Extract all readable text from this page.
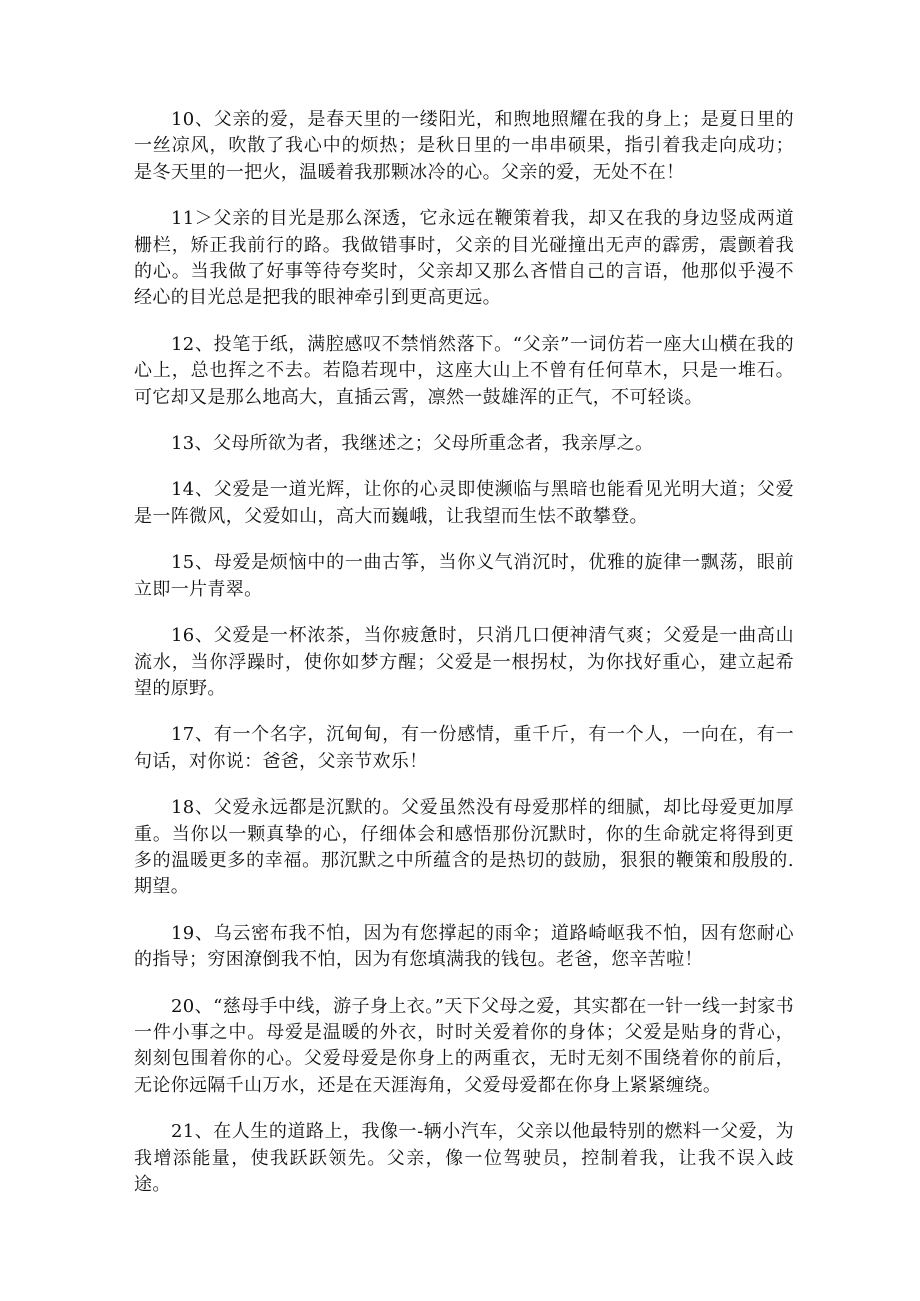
10、父亲的爱，是春天里的一缕阳光，和煦地照耀在我的身上；是夏日里的一丝凉风，吹散了我心中的烦热；是秋日里的一串串硕果，指引着我走向成功；是冬天里的一把火，温暖着我那颗冰冷的心。父亲的爱，无处不在！

11＞父亲的目光是那么深透，它永远在鞭策着我，却又在我的身边竖成两道栅栏，矫正我前行的路。我做错事时，父亲的目光碰撞出无声的霹雳，震颤着我的心。当我做了好事等待夸奖时，父亲却又那么吝惜自己的言语，他那似乎漫不经心的目光总是把我的眼神牵引到更高更远。

12、投笔于纸，满腔感叹不禁悄然落下。“父亲”一词仿若一座大山横在我的心上，总也挥之不去。若隐若现中，这座大山上不曾有任何草木，只是一堆石。可它却又是那么地高大，直插云霄，凛然一鼓雄浑的正气，不可轻谈。

13、父母所欲为者，我继述之；父母所重念者，我亲厚之。

14、父爱是一道光辉，让你的心灵即使濒临与黑暗也能看见光明大道；父爱是一阵微风，父爱如山，高大而巍峨，让我望而生怯不敢攀登。

15、母爱是烦恼中的一曲古筝，当你义气消沉时，优雅的旋律一飘荡，眼前立即一片青翠。

16、父爱是一杯浓茶，当你疲惫时，只消几口便神清气爽；父爱是一曲高山流水，当你浮躁时，使你如梦方醒；父爱是一根拐杖，为你找好重心，建立起希望的原野。

17、有一个名字，沉甸甸，有一份感情，重千斤，有一个人，一向在，有一句话，对你说：爸爸，父亲节欢乐！

18、父爱永远都是沉默的。父爱虽然没有母爱那样的细腻，却比母爱更加厚重。当你以一颗真挚的心，仔细体会和感悟那份沉默时，你的生命就定将得到更多的温暖更多的幸福。那沉默之中所蕴含的是热切的鼓励，狠狠的鞭策和殷殷的.期望。

19、乌云密布我不怕，因为有您撑起的雨伞；道路崎岖我不怕，因有您耐心的指导；穷困潦倒我不怕，因为有您填满我的钱包。老爸，您辛苦啦！

20、“慈母手中线，游子身上衣。”天下父母之爱，其实都在一针一线一封家书一件小事之中。母爱是温暖的外衣，时时关爱着你的身体；父爱是贴身的背心，刻刻包围着你的心。父爱母爱是你身上的两重衣，无时无刻不围绕着你的前后，无论你远隔千山万水，还是在天涯海角，父爱母爱都在你身上紧紧缠绕。

21、在人生的道路上，我像一-辆小汽车，父亲以他最特别的燃料一父爱，为我增添能量，使我跃跃领先。父亲，像一位驾驶员，控制着我，让我不误入歧途。
